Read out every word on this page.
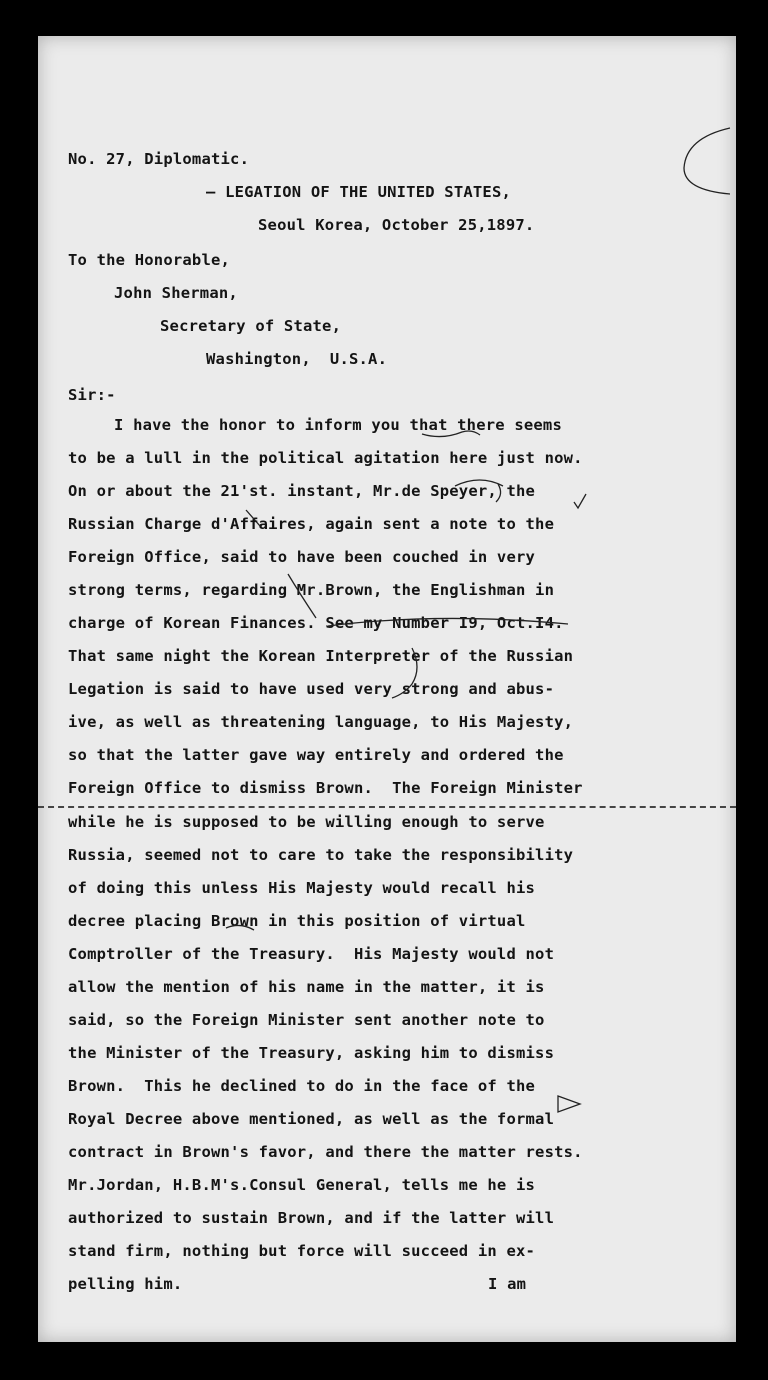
No. 27, Diplomatic.
– LEGATION OF THE UNITED STATES,
Seoul Korea, October 25,1897.
To the Honorable,
John Sherman,
Secretary of State,
Washington,  U.S.A.
Sir:-
I have the honor to inform you that there seems
to be a lull in the political agitation here just now.
On or about the 21'st. instant, Mr.de Speyer, the
Russian Charge d'Affaires, again sent a note to the
Foreign Office, said to have been couched in very
strong terms, regarding Mr.Brown, the Englishman in
charge of Korean Finances. See my Number I9, Oct.I4.
That same night the Korean Interpreter of the Russian
Legation is said to have used very strong and abus-
ive, as well as threatening language, to His Majesty,
so that the latter gave way entirely and ordered the
Foreign Office to dismiss Brown.  The Foreign Minister
while he is supposed to be willing enough to serve
Russia, seemed not to care to take the responsibility
of doing this unless His Majesty would recall his
decree placing Brown in this position of virtual
Comptroller of the Treasury.  His Majesty would not
allow the mention of his name in the matter, it is
said, so the Foreign Minister sent another note to
the Minister of the Treasury, asking him to dismiss
Brown.  This he declined to do in the face of the
Royal Decree above mentioned, as well as the formal
contract in Brown's favor, and there the matter rests.
Mr.Jordan, H.B.M's.Consul General, tells me he is
authorized to sustain Brown, and if the latter will
stand firm, nothing but force will succeed in ex-
pelling him.	I am
